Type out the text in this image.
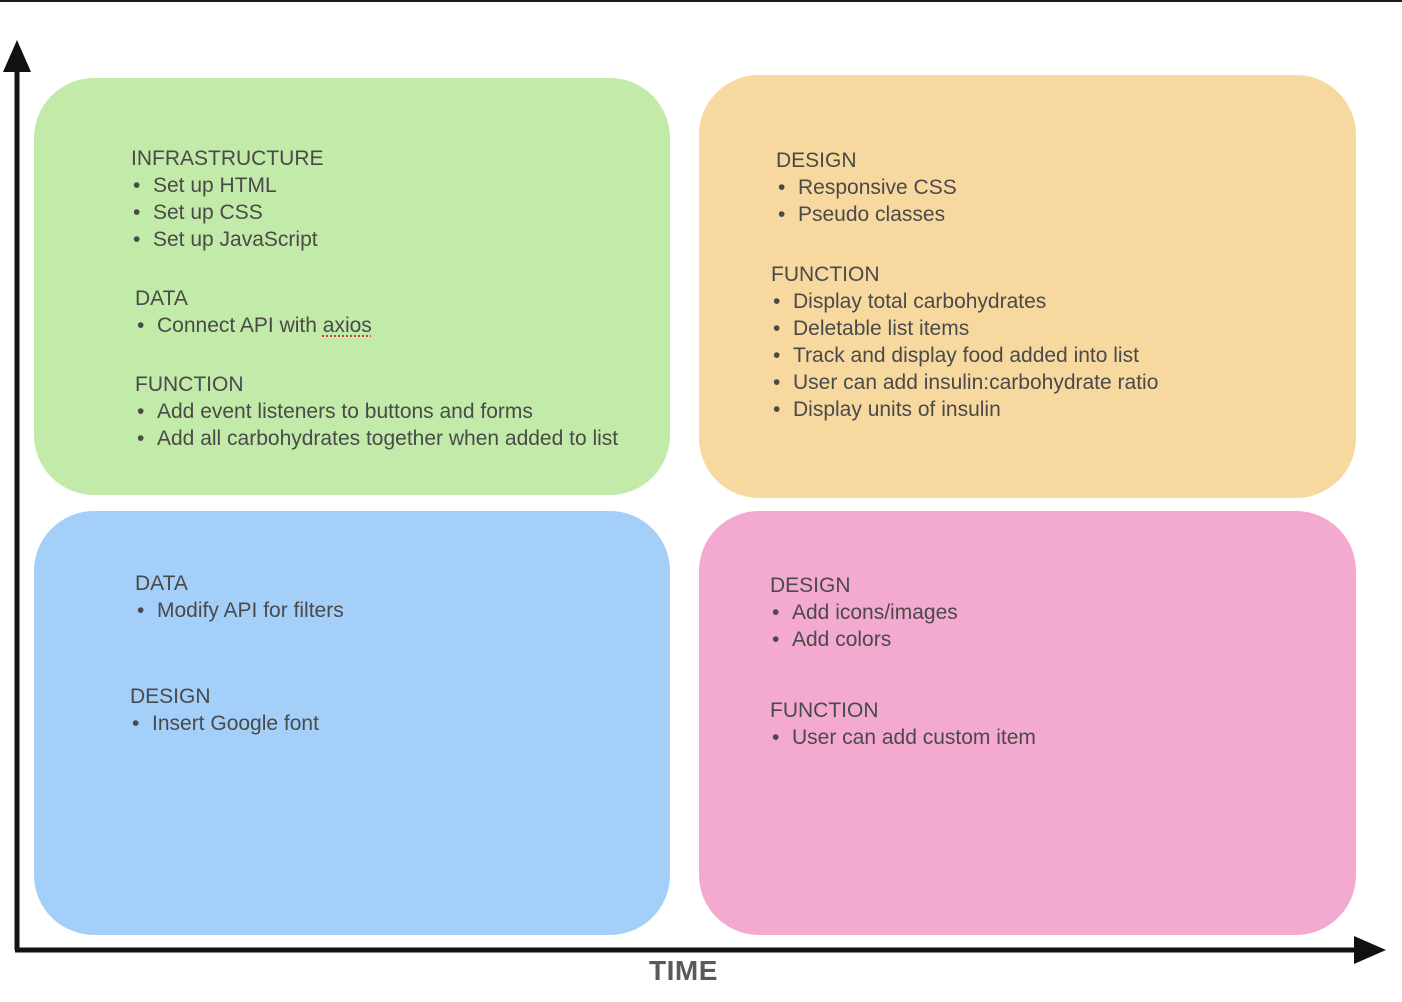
TIME
INFRASTRUCTURE
• Set up HTML
• Set up CSS
• Set up JavaScript
DATA
• Connect API with axios
FUNCTION
• Add event listeners to buttons and forms
• Add all carbohydrates together when added to list
DESIGN
• Responsive CSS
• Pseudo classes
FUNCTION
• Display total carbohydrates
• Deletable list items
• Track and display food added into list
• User can add insulin:carbohydrate ratio
• Display units of insulin
DATA
• Modify API for filters
DESIGN
• Insert Google font
DESIGN
• Add icons/images
• Add colors
FUNCTION
• User can add custom item
